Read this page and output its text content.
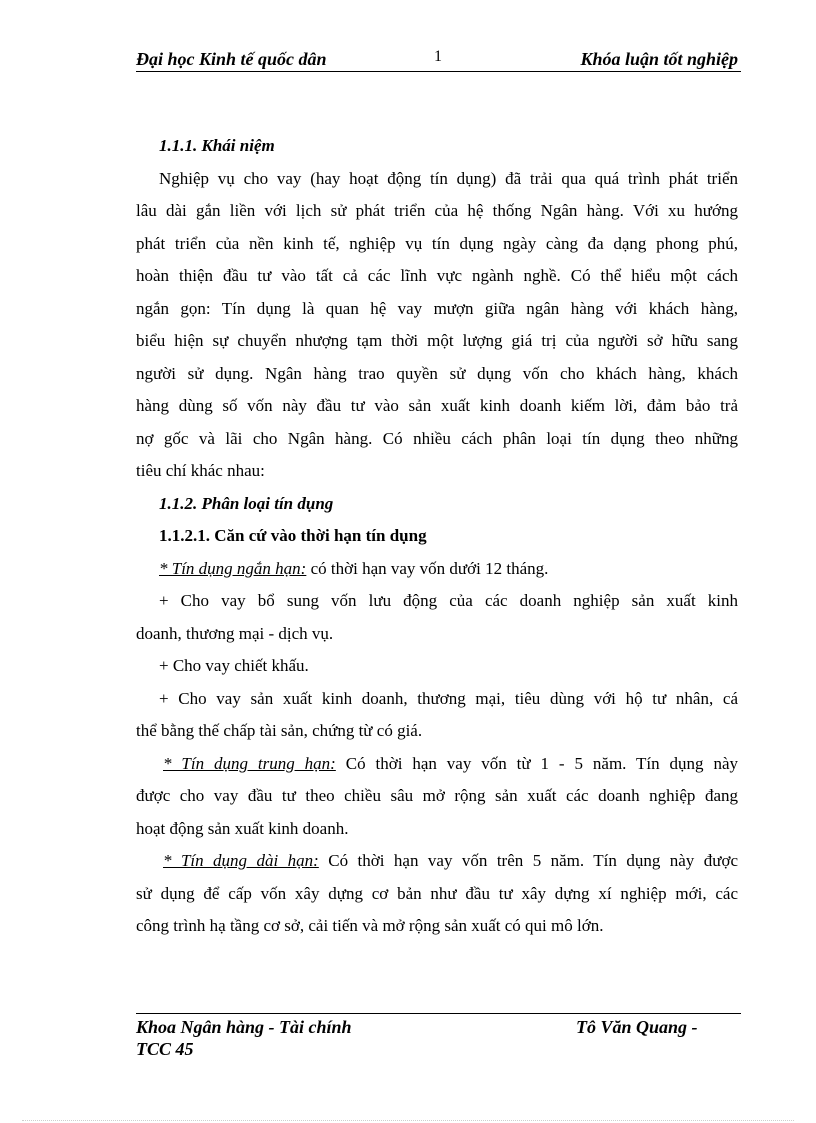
Đại học Kinh tế quốc dân	1	Khóa luận tốt nghiệp
1.1.1. Khái niệm
Nghiệp vụ cho vay (hay hoạt động tín dụng) đã trải qua quá trình phát triển
lâu dài gắn liền với lịch sử phát triển của hệ thống Ngân hàng. Với xu hướng
phát triển của nền kinh tế, nghiệp vụ tín dụng ngày càng đa dạng phong phú,
hoàn thiện đầu tư vào tất cả các lĩnh vực ngành nghề. Có thể hiểu một cách
ngắn gọn: Tín dụng là quan hệ vay mượn giữa ngân hàng với khách hàng,
biểu hiện sự chuyển nhượng tạm thời một lượng giá trị của người sở hữu sang
người sử dụng. Ngân hàng trao quyền sử dụng vốn cho khách hàng, khách
hàng dùng số vốn này đầu tư vào sản xuất kinh doanh kiếm lời, đảm bảo trả
nợ gốc và lãi cho Ngân hàng. Có nhiều cách phân loại tín dụng theo những
tiêu chí khác nhau:
1.1.2. Phân loại tín dụng
1.1.2.1. Căn cứ vào thời hạn tín dụng
* Tín dụng ngắn hạn: có thời hạn vay vốn dưới 12 tháng.
+ Cho vay bổ sung vốn lưu động của các doanh nghiệp sản xuất kinh
doanh, thương mại - dịch vụ.
+ Cho vay chiết khấu.
+ Cho vay sản xuất kinh doanh, thương mại, tiêu dùng với hộ tư nhân, cá
thể bằng thế chấp tài sản, chứng từ có giá.
* Tín dụng trung hạn: Có thời hạn vay vốn từ 1 - 5 năm. Tín dụng này
được cho vay đầu tư theo chiều sâu mở rộng sản xuất các doanh nghiệp đang
hoạt động sản xuất kinh doanh.
* Tín dụng dài hạn: Có thời hạn vay vốn trên 5 năm. Tín dụng này được
sử dụng để cấp vốn xây dựng cơ bản như đầu tư xây dựng xí nghiệp mới, các
công trình hạ tầng cơ sở, cải tiến và mở rộng sản xuất có qui mô lớn.
Khoa Ngân hàng - Tài chính	Tô Văn Quang -
TCC 45
